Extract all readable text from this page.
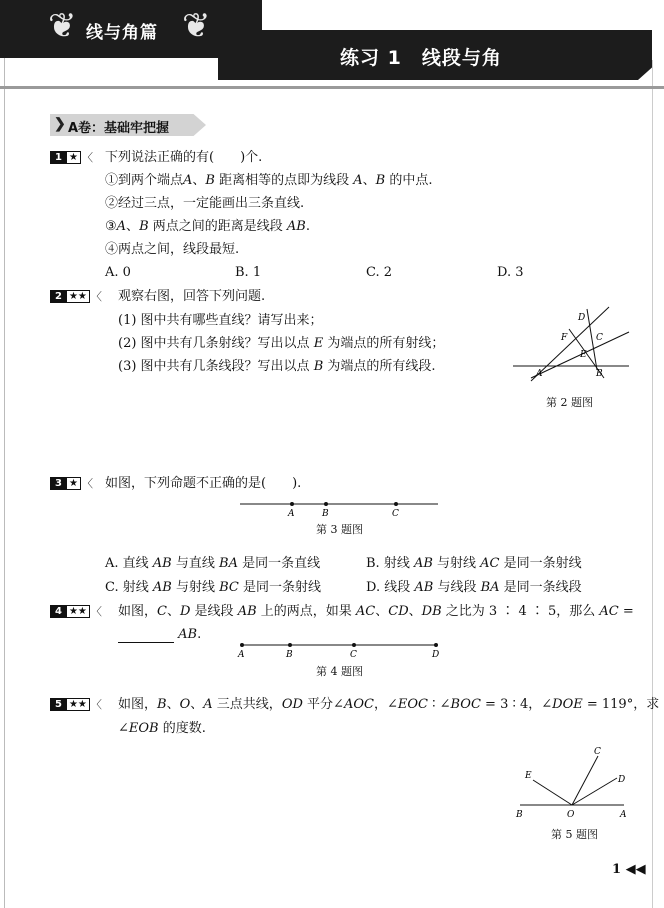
❦ 线与角篇 ❦
练习 1　线段与角
❯ A卷：基础牢把握
1 ★ 〈 下列说法正确的有(　　)个.
①到两个端点A、B 距离相等的点即为线段 A、B 的中点.
②经过三点，一定能画出三条直线.
③A、B 两点之间的距离是线段 AB.
④两点之间，线段最短.
A. 0	B. 1	C. 2	D. 3
2 ★★ 〈 观察右图，回答下列问题.
(1) 图中共有哪些直线？请写出来；
(2) 图中共有几条射线？写出以点 E 为端点的所有射线；
(3) 图中共有几条线段？写出以点 B 为端点的所有线段.
D
F	C
E
A	B
第 2 题图
3 ★ 〈 如图，下列命题不正确的是(　　).
A	B	C
第 3 题图
A. 直线 AB 与直线 BA 是同一条直线	B. 射线 AB 与射线 AC 是同一条射线
C. 射线 AB 与射线 BC 是同一条射线	D. 线段 AB 与线段 BA 是同一条线段
4 ★★ 〈 如图，C、D 是线段 AB 上的两点，如果 AC、CD、DB 之比为 3 ∶ 4 ∶ 5，那么 AC =
AB.
A	B	C	D
第 4 题图
5 ★★ 〈 如图，B、O、A 三点共线，OD 平分∠AOC，∠EOC ∶ ∠BOC = 3 ∶ 4，∠DOE = 119°，求
∠EOB 的度数.
C
E	D
B	O	A
第 5 题图
1 ◀◀
